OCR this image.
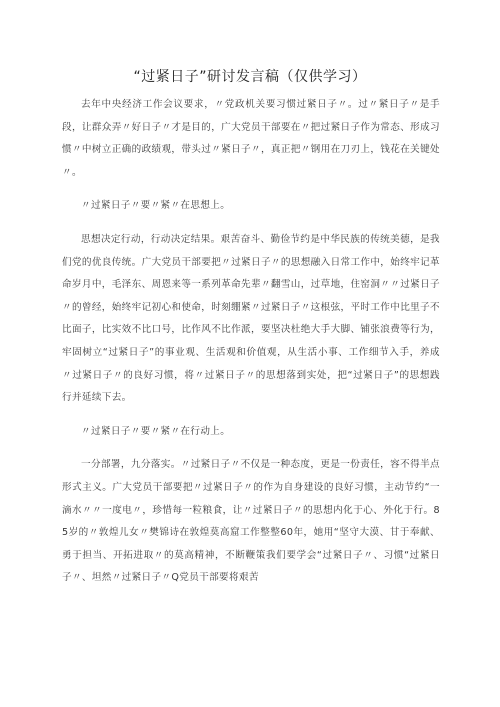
“过紧日子”研讨发言稿（仅供学习）

去年中央经济工作会议要求，〃党政机关要习惯过紧日子〃。过〃紧日子〃是手段，让群众弄〃好日子〃才是目的，广大党员干部要在〃把过紧日子作为常态、形成习惯〃中树立正确的政绩观，带头过〃紧日子〃，真正把〃钢用在刀刃上，钱花在关键处〃。

〃过紧日子〃要〃紧〃在思想上。

思想决定行动，行动决定结果。艰苦奋斗、勤俭节约是中华民族的传统美德，是我们党的优良传统。广大党员干部要把〃过紧日子〃的思想融入日常工作中，始终牢记革命岁月中，毛泽东、周恩来等一系列革命先辈〃翻雪山，过草地，住窑洞〃〃过紧日子〃的曾经，始终牢记初心和使命，时刻绷紧〃过紧日子〃这根弦，平时工作中比里子不比面子，比实效不比口号，比作风不比作派，要坚决杜绝大手大脚、铺张浪费等行为，牢固树立“过紧日子”的事业观、生活观和价值观，从生活小事、工作细节入手，养成〃过紧日子〃的良好习惯，将〃过紧日子〃的思想落到实处，把“过紧日子”的思想践行并延续下去。

〃过紧日子〃要〃紧〃在行动上。

一分部署，九分落实。〃过紧日子〃不仅是一种态度，更是一份责任，容不得半点形式主义。广大党员干部要把〃过紧日子〃的作为自身建设的良好习惯，主动节约“一滴水〃〃一度电〃，珍惜每一粒粮食，让〃过紧日子〃的思想内化于心、外化于行。85岁的〃敦煌儿女〃樊锦诗在敦煌莫高窟工作整整60年，她用“坚守大漠、甘于奉献、勇于担当、开拓进取〃的莫高精神，不断鞭策我们要学会“过紧日子〃、习惯“过紧日子〃、坦然〃过紧日子〃Q党员干部要将艰苦
